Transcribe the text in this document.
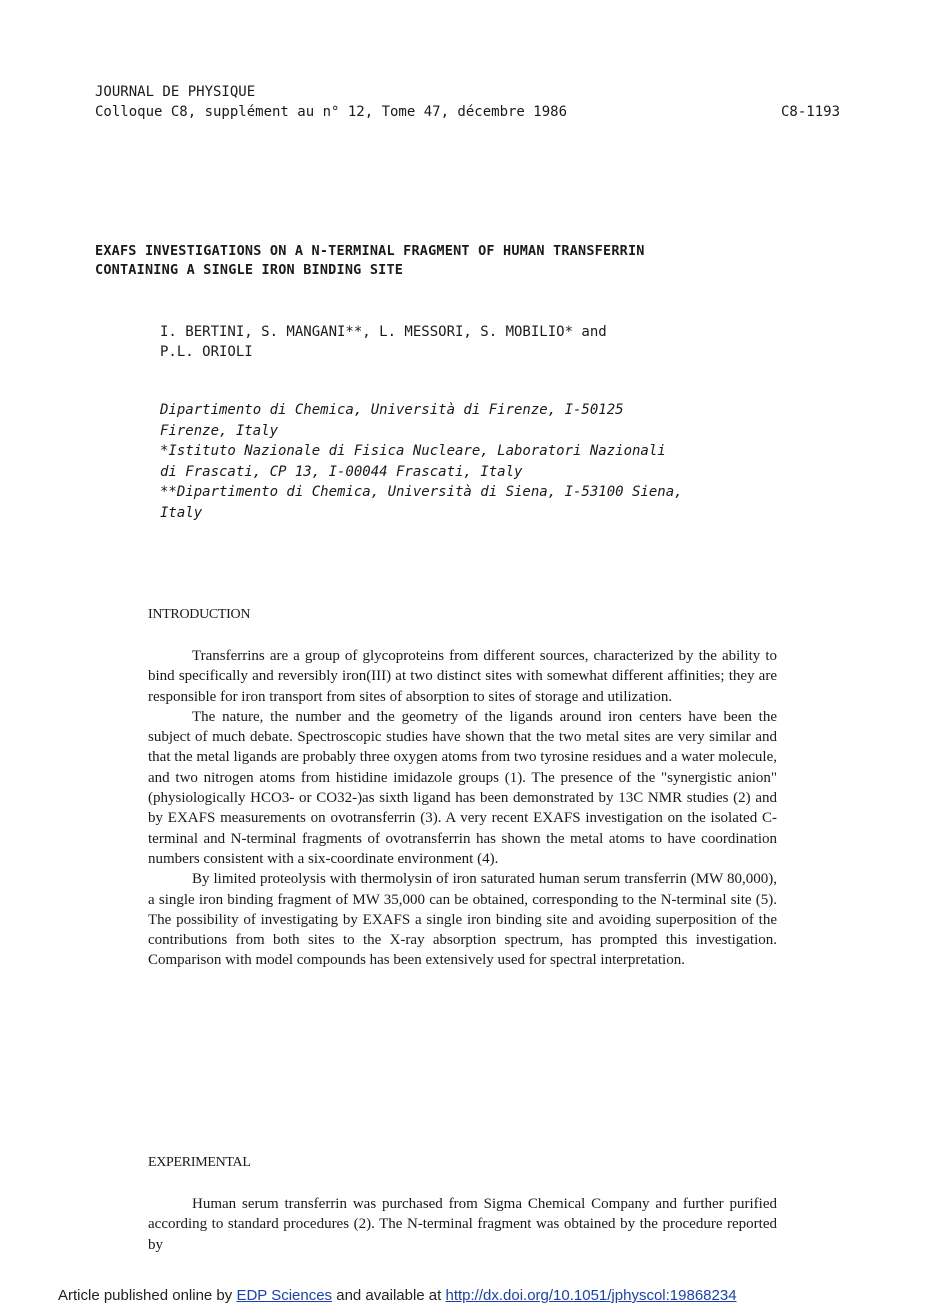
JOURNAL DE PHYSIQUE
Colloque C8, supplément au n° 12, Tome 47, décembre 1986	C8-1193
EXAFS INVESTIGATIONS ON A N-TERMINAL FRAGMENT OF HUMAN TRANSFERRIN
CONTAINING A SINGLE IRON BINDING SITE
I. BERTINI, S. MANGANI**, L. MESSORI, S. MOBILIO* and
P.L. ORIOLI
Dipartimento di Chemica, Università di Firenze, I-50125
Firenze, Italy
*Istituto Nazionale di Fisica Nucleare, Laboratori Nazionali
di Frascati, CP 13, I-00044 Frascati, Italy
**Dipartimento di Chemica, Università di Siena, I-53100 Siena,
Italy
INTRODUCTION

Transferrins are a group of glycoproteins from different sources, characterized by the ability to bind specifically and reversibly iron(III) at two distinct sites with somewhat different affinities; they are responsible for iron transport from sites of absorption to sites of storage and utilization.

The nature, the number and the geometry of the ligands around iron centers have been the subject of much debate. Spectroscopic studies have shown that the two metal sites are very similar and that the metal ligands are probably three oxygen atoms from two tyrosine residues and a water molecule, and two nitrogen atoms from histidine imidazole groups (1). The presence of the "synergistic anion" (physiologically HCO3- or CO32-)as sixth ligand has been demonstrated by 13C NMR studies (2) and by EXAFS measurements on ovotransferrin (3). A very recent EXAFS investigation on the isolated C-terminal and N-terminal fragments of ovotransferrin has shown the metal atoms to have coordination numbers consistent with a six-coordinate environment (4).

By limited proteolysis with thermolysin of iron saturated human serum transferrin (MW 80,000), a single iron binding fragment of MW 35,000 can be obtained, corresponding to the N-terminal site (5). The possibility of investigating by EXAFS a single iron binding site and avoiding superposition of the contributions from both sites to the X-ray absorption spectrum, has prompted this investigation. Comparison with model compounds has been extensively used for spectral interpretation.

EXPERIMENTAL

Human serum transferrin was purchased from Sigma Chemical Company and further purified according to standard procedures (2). The N-terminal fragment was obtained by the procedure reported by

Article published online by EDP Sciences and available at http://dx.doi.org/10.1051/jphyscol:19868234
